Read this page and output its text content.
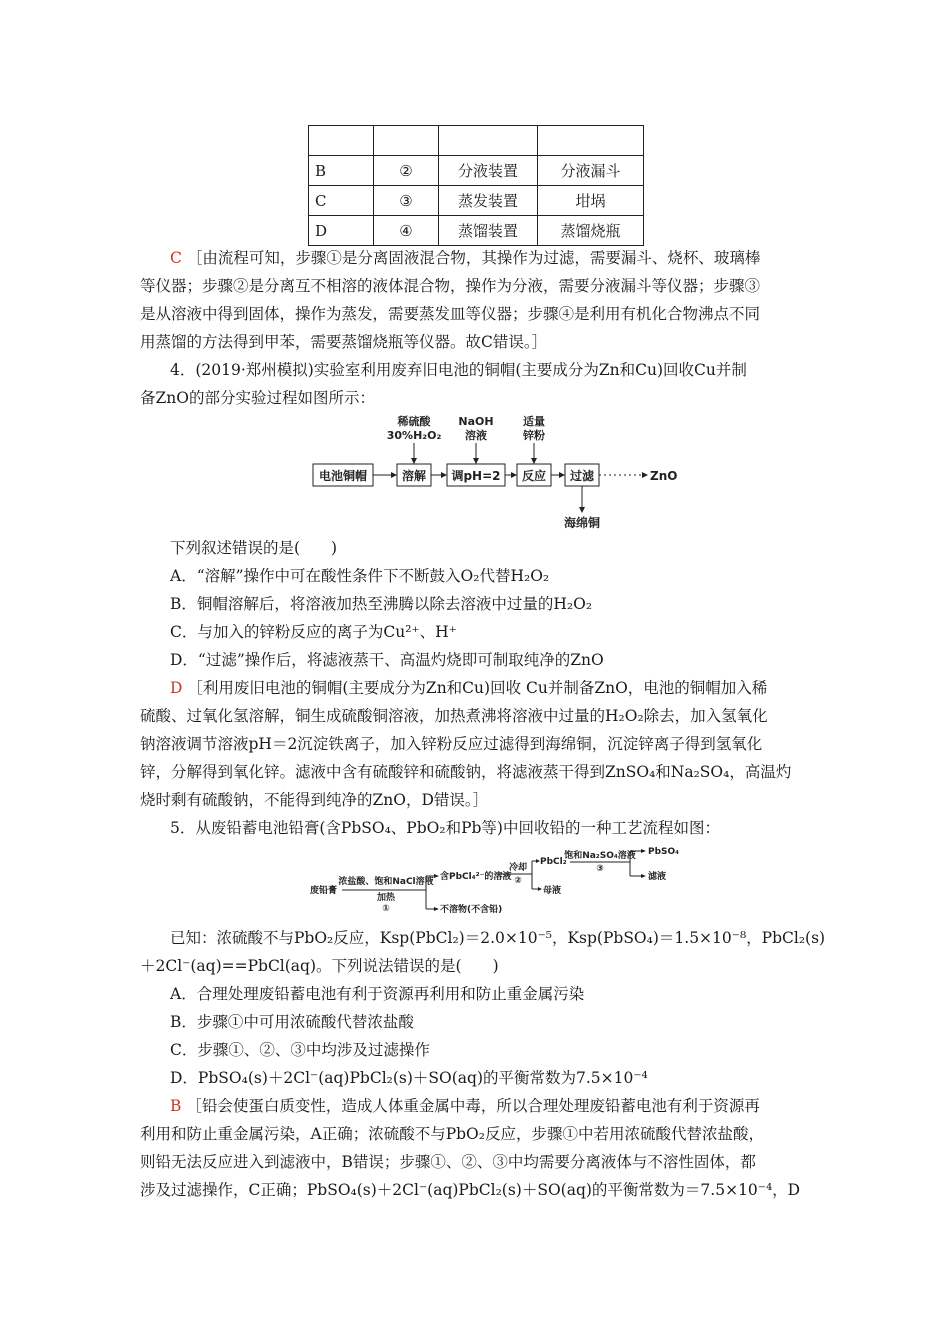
B	②	分液装置	分液漏斗
C	③	蒸发装置	坩埚
D	④	蒸馏装置	蒸馏烧瓶
C ［由流程可知，步骤①是分离固液混合物，其操作为过滤，需要漏斗、烧杯、玻璃棒
等仪器；步骤②是分离互不相溶的液体混合物，操作为分液，需要分液漏斗等仪器；步骤③
是从溶液中得到固体，操作为蒸发，需要蒸发皿等仪器；步骤④是利用有机化合物沸点不同
用蒸馏的方法得到甲苯，需要蒸馏烧瓶等仪器。故C错误。］
4．(2019·郑州模拟)实验室利用废弃旧电池的铜帽(主要成分为Zn和Cu)回收Cu并制
备ZnO的部分实验过程如图所示：
稀硫酸
30%H₂O₂
NaOH
溶液
适量
锌粉
电池铜帽	溶解 调pH=2 反应 过滤	ZnO
海绵铜
下列叙述错误的是(　　)
A．“溶解”操作中可在酸性条件下不断鼓入O₂代替H₂O₂
B．铜帽溶解后，将溶液加热至沸腾以除去溶液中过量的H₂O₂
C．与加入的锌粉反应的离子为Cu²⁺、H⁺
D．“过滤”操作后，将滤液蒸干、高温灼烧即可制取纯净的ZnO
D ［利用废旧电池的铜帽(主要成分为Zn和Cu)回收 Cu并制备ZnO，电池的铜帽加入稀
硫酸、过氧化氢溶解，铜生成硫酸铜溶液，加热煮沸将溶液中过量的H₂O₂除去，加入氢氧化
钠溶液调节溶液pH＝2沉淀铁离子，加入锌粉反应过滤得到海绵铜，沉淀锌离子得到氢氧化
锌，分解得到氧化锌。滤液中含有硫酸锌和硫酸钠，将滤液蒸干得到ZnSO₄和Na₂SO₄，高温灼
烧时剩有硫酸钠，不能得到纯净的ZnO，D错误。］
5．从废铅蓄电池铅膏(含PbSO₄、PbO₂和Pb等)中回收铅的一种工艺流程如图：
废铅膏
浓盐酸、饱和NaCl溶液
加热
①
含PbCl₄²⁻的溶液
冷却
②
PbCl₂
母液
饱和Na₂SO₄溶液
③
PbSO₄
滤液
不溶物(不含铅)
已知：浓硫酸不与PbO₂反应，Ksp(PbCl₂)＝2.0×10⁻⁵，Ksp(PbSO₄)＝1.5×10⁻⁸，PbCl₂(s)
＋2Cl⁻(aq)==PbCl(aq)。下列说法错误的是(　　)
A．合理处理废铅蓄电池有利于资源再利用和防止重金属污染
B．步骤①中可用浓硫酸代替浓盐酸
C．步骤①、②、③中均涉及过滤操作
D．PbSO₄(s)＋2Cl⁻(aq)PbCl₂(s)＋SO(aq)的平衡常数为7.5×10⁻⁴
B ［铅会使蛋白质变性，造成人体重金属中毒，所以合理处理废铅蓄电池有利于资源再
利用和防止重金属污染，A正确；浓硫酸不与PbO₂反应，步骤①中若用浓硫酸代替浓盐酸，
则铅无法反应进入到滤液中，B错误；步骤①、②、③中均需要分离液体与不溶性固体，都
涉及过滤操作，C正确；PbSO₄(s)＋2Cl⁻(aq)PbCl₂(s)＋SO(aq)的平衡常数为＝7.5×10⁻⁴，D
